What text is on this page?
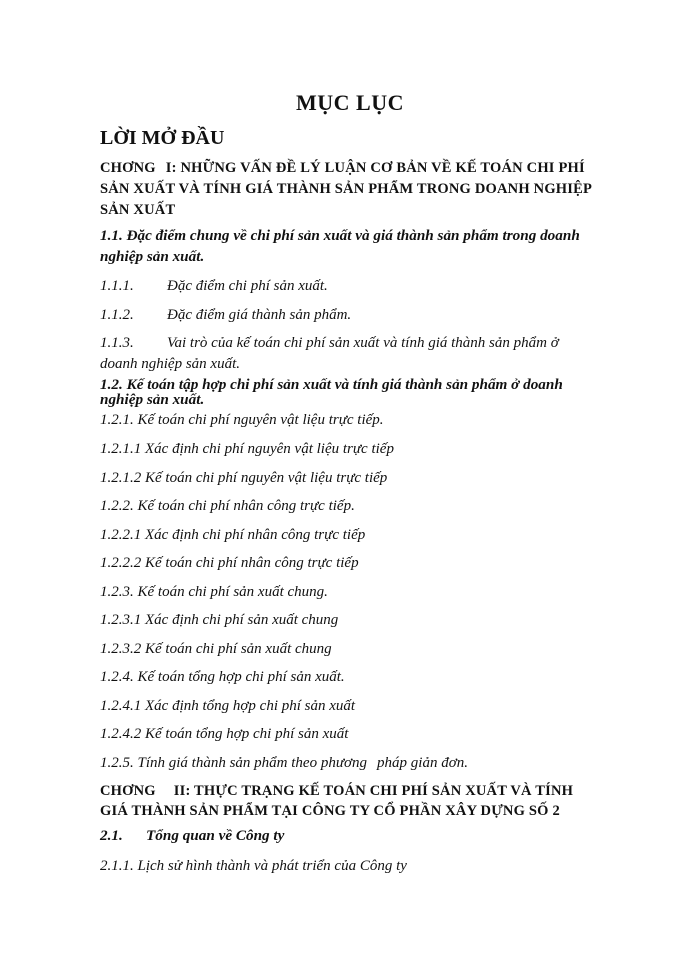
MỤC LỤC
LỜI MỞ ĐẦU
CHƠNG I: NHỮNG VẤN ĐỀ LÝ LUẬN CƠ BẢN VỀ KẾ TOÁN CHI PHÍ
SẢN XUẤT VÀ TÍNH GIÁ THÀNH SẢN PHẨM TRONG DOANH NGHIỆP
SẢN XUẤT
1.1. Đặc điểm chung về chi phí sản xuất và giá thành sản phẩm trong doanh
nghiệp sản xuất.
1.1.1. Đặc điểm chi phí sản xuất.
1.1.2. Đặc điểm giá thành sản phẩm.
1.1.3. Vai trò của kế toán chi phí sản xuất và tính giá thành sản phẩm ở
doanh nghiệp sản xuất.
1.2. Kế toán tập hợp chi phí sản xuất và tính giá thành sản phẩm ở doanh
nghiệp sản xuất.
1.2.1. Kế toán chi phí nguyên vật liệu trực tiếp.
1.2.1.1 Xác định chi phí nguyên vật liệu trực tiếp
1.2.1.2 Kế toán chi phí nguyên vật liệu trực tiếp
1.2.2. Kế toán chi phí nhân công trực tiếp.
1.2.2.1 Xác định chi phí nhân công trực tiếp
1.2.2.2 Kế toán chi phí nhân công trực tiếp
1.2.3. Kế toán chi phí sản xuất chung.
1.2.3.1 Xác định chi phí sản xuất chung
1.2.3.2 Kế toán chi phí sản xuất chung
1.2.4. Kế toán tổng hợp chi phí sản xuất.
1.2.4.1 Xác định tổng hợp chi phí sản xuất
1.2.4.2 Kế toán tổng hợp chi phí sản xuất
1.2.5. Tính giá thành sản phẩm theo phương pháp giản đơn.
CHƠNG II: THỰC TRẠNG KẾ TOÁN CHI PHÍ SẢN XUẤT VÀ TÍNH
GIÁ THÀNH SẢN PHẨM TẠI CÔNG TY CỔ PHẦN XÂY DỰNG SỐ 2
2.1. Tổng quan về Công ty
2.1.1. Lịch sử hình thành và phát triển của Công ty
